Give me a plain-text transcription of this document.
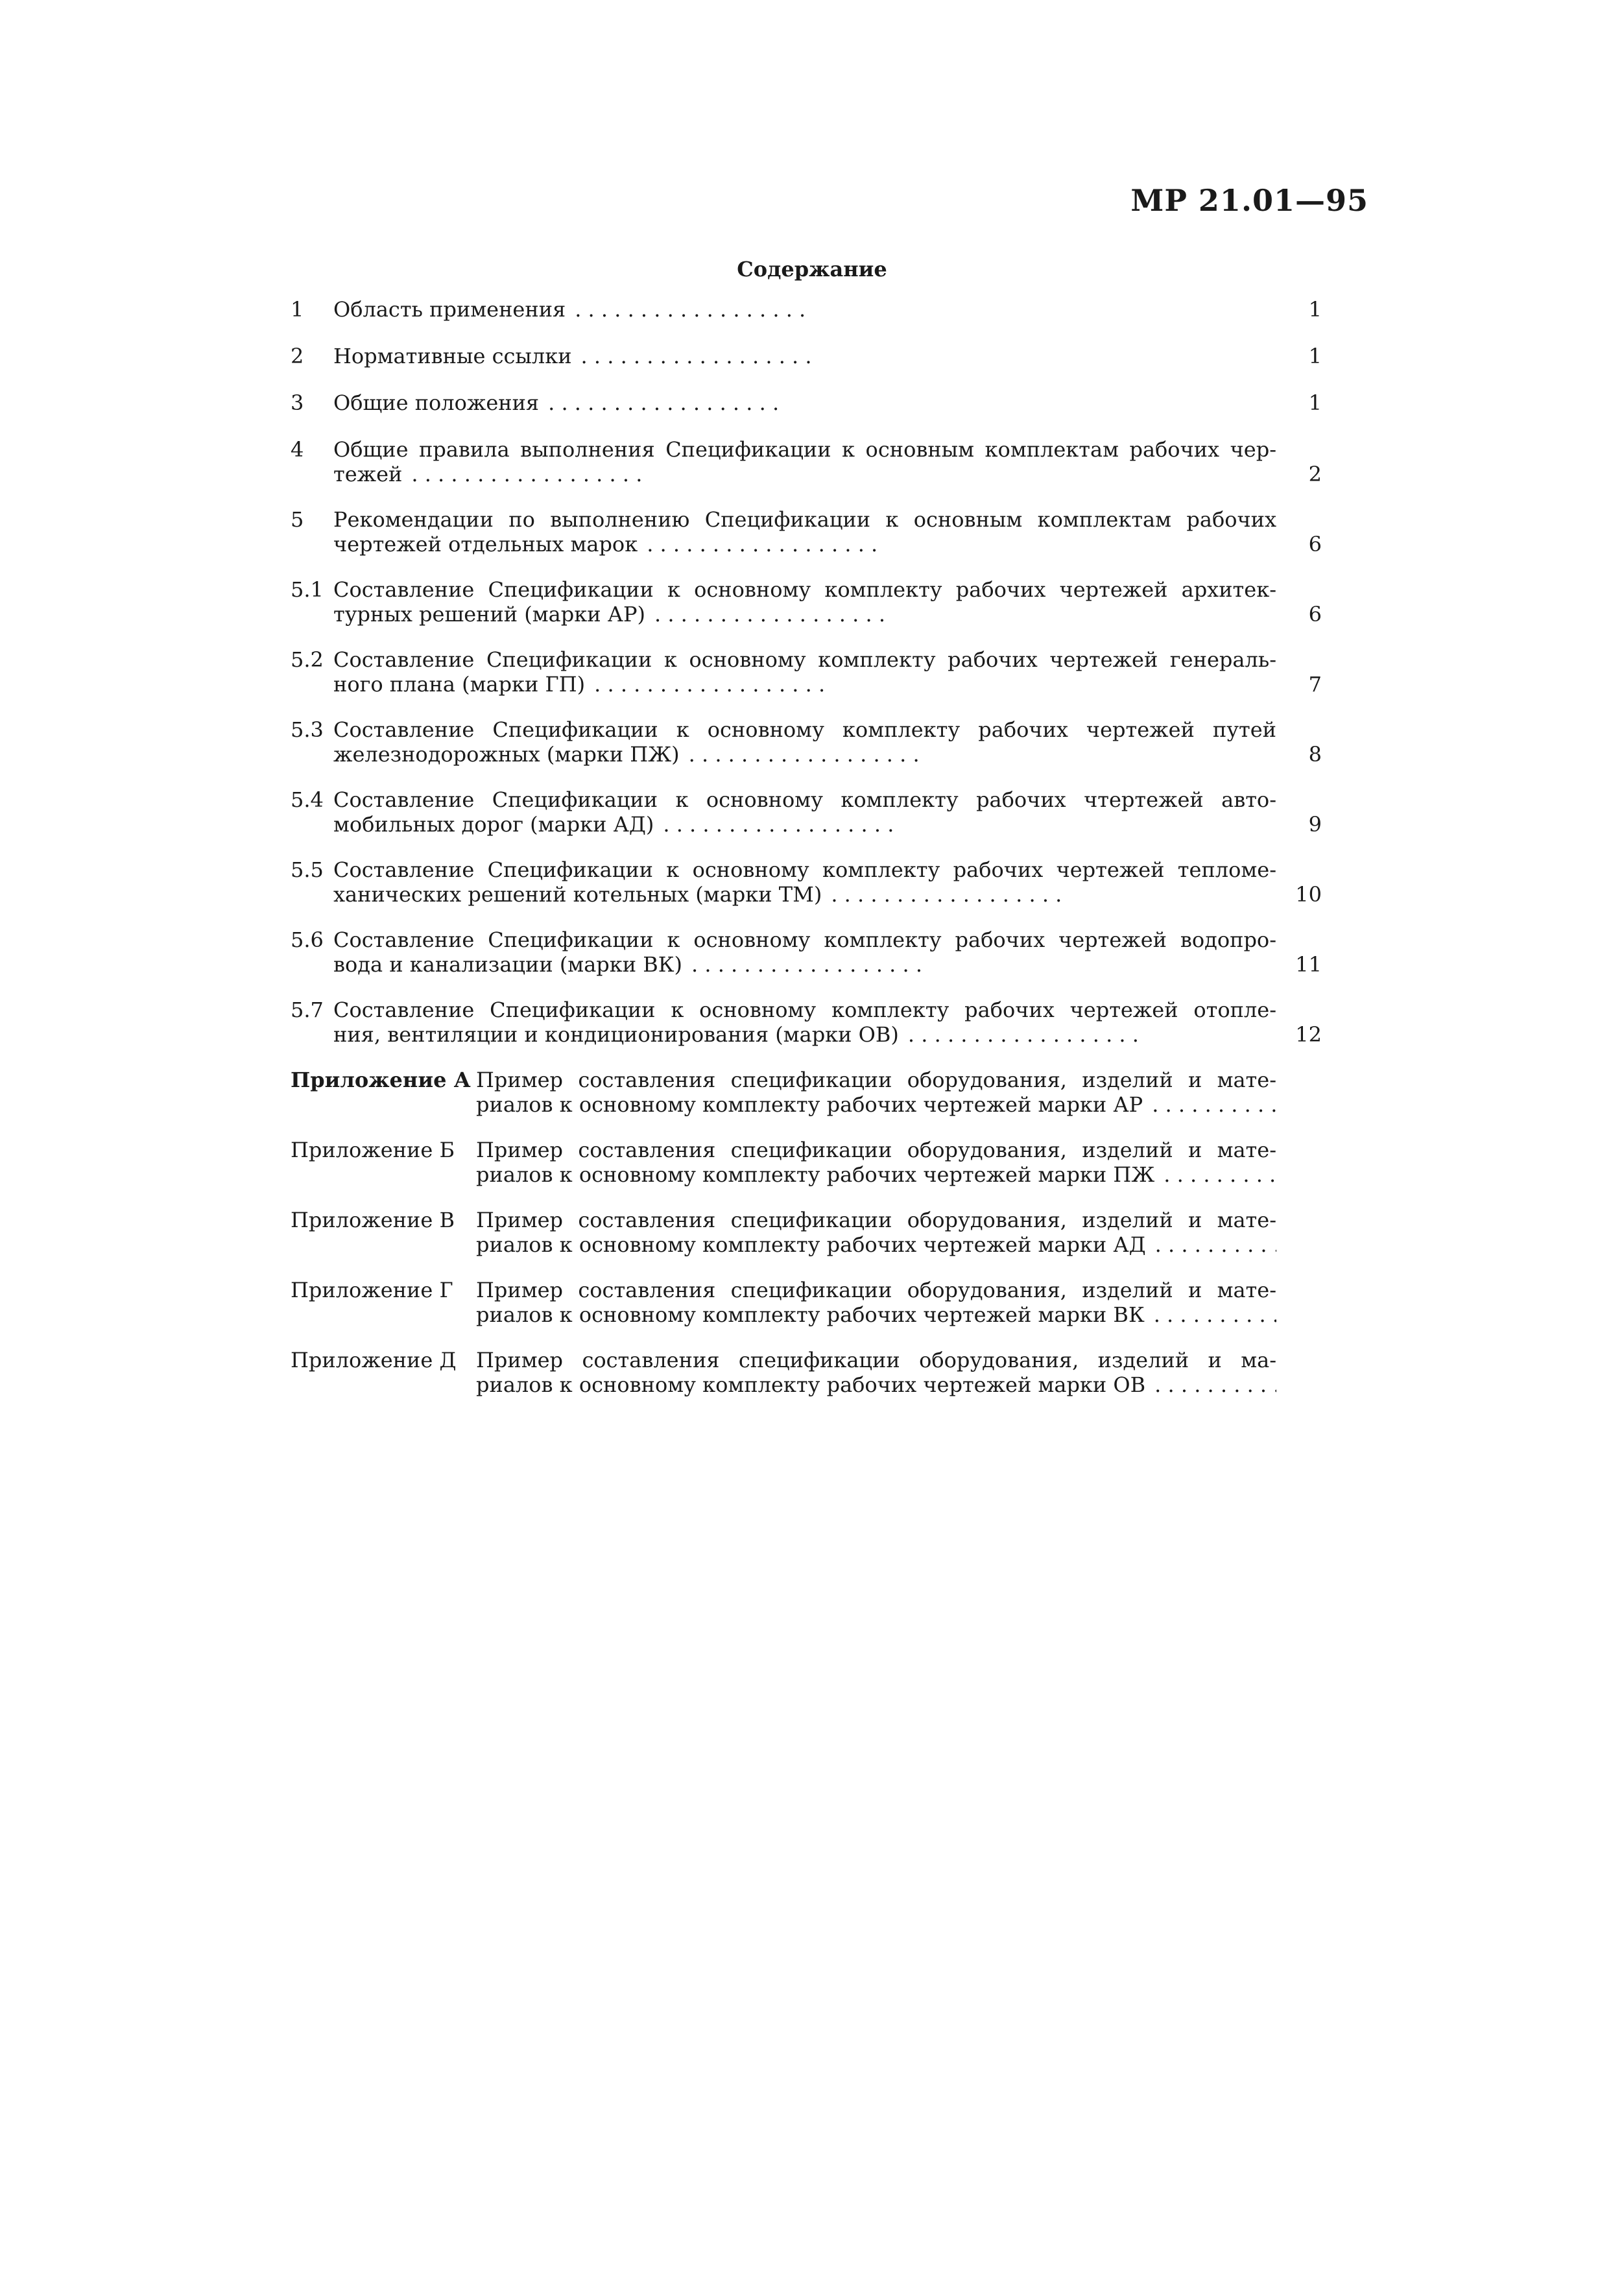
МР 21.01—95
Содержание
1	Область применения .	1
2	Нормативные ссылки .	1
3	Общие положения .	1
4	Общие правила выполнения Спецификации к основным комплектам рабочих чер-
тежей .	2
5	Рекомендации по выполнению Спецификации к основным комплектам рабочих
чертежей отдельных марок .	6
5.1 Составление Спецификации к основному комплекту рабочих чертежей архитек-
турных решений (марки АР) .	6
5.2 Составление Спецификации к основному комплекту рабочих чертежей генераль-
ного плана (марки ГП) .	7
5.3 Составление Спецификации к основному комплекту рабочих чертежей путей
железнодорожных (марки ПЖ) .	8
5.4 Составление Спецификации к основному комплекту рабочих чтертежей авто-
мобильных дорог (марки АД) .	9
5.5 Составление Спецификации к основному комплекту рабочих чертежей тепломе-
ханических решений котельных (марки ТМ) .	10
5.6 Составление Спецификации к основному комплекту рабочих чертежей водопро-
вода и канализации (марки ВК) .	11
5.7 Составление Спецификации к основному комплекту рабочих чертежей отопле-
ния, вентиляции и кондиционирования (марки ОВ) .	12
Приложение А Пример составления спецификации оборудования, изделий и мате-
риалов к основному комплекту рабочих чертежей марки АР
.
Приложение Б	Пример составления спецификации оборудования, изделий и мате-
риалов к основному комплекту рабочих чертежей марки ПЖ
.
Приложение В	Пример составления спецификации оборудования, изделий и мате-
риалов к основному комплекту рабочих чертежей марки АД
.
Приложение Г	Пример составления спецификации оборудования, изделий и мате-
риалов к основному комплекту рабочих чертежей марки ВК
.
Приложение Д Пример составления спецификации оборудования, изделий и ма-
риалов к основному комплекту рабочих чертежей марки ОВ
.
